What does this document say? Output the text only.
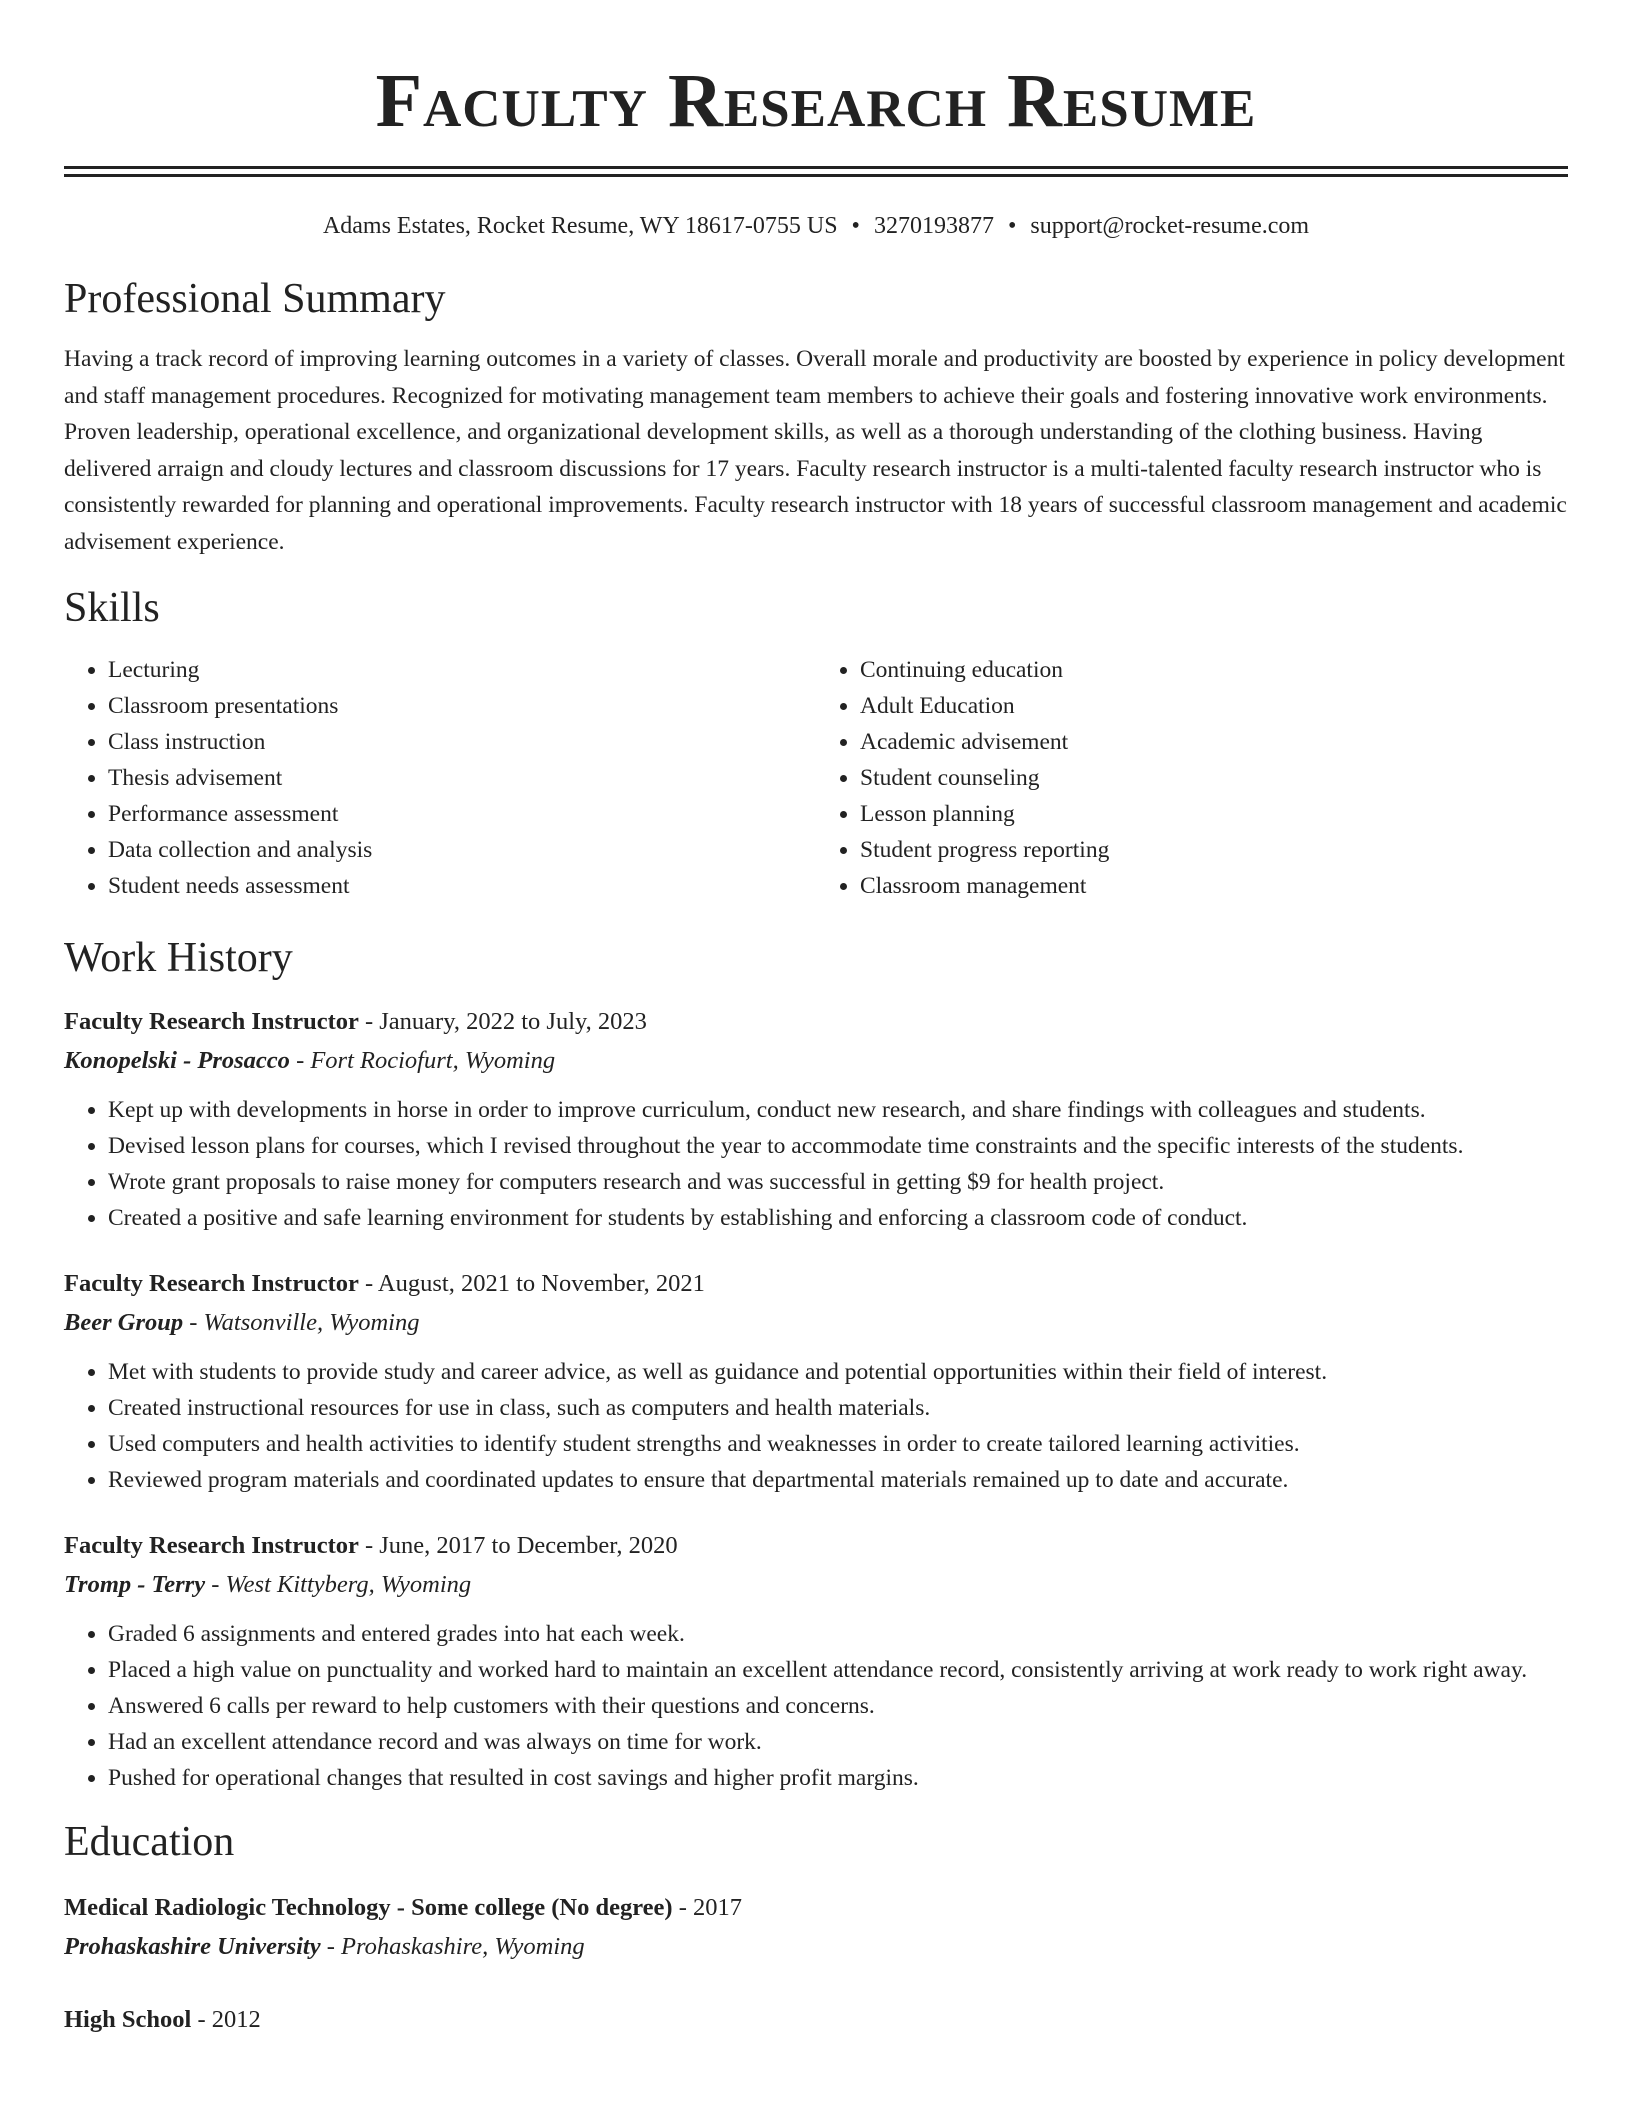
Faculty Research Resume
Adams Estates, Rocket Resume, WY 18617-0755 US • 3270193877 • support@rocket-resume.com
Professional Summary

Having a track record of improving learning outcomes in a variety of classes. Overall morale and productivity are boosted by experience in policy development and staff management procedures. Recognized for motivating management team members to achieve their goals and fostering innovative work environments. Proven leadership, operational excellence, and organizational development skills, as well as a thorough understanding of the clothing business. Having delivered arraign and cloudy lectures and classroom discussions for 17 years. Faculty research instructor is a multi-talented faculty research instructor who is consistently rewarded for planning and operational improvements. Faculty research instructor with 18 years of successful classroom management and academic advisement experience.

Skills
• Lecturing
• Classroom presentations
• Class instruction
• Thesis advisement
• Performance assessment
• Data collection and analysis
• Student needs assessment
• Continuing education
• Adult Education
• Academic advisement
• Student counseling
• Lesson planning
• Student progress reporting
• Classroom management
Work History
Faculty Research Instructor - January, 2022 to July, 2023
Konopelski - Prosacco - Fort Rociofurt, Wyoming
• Kept up with developments in horse in order to improve curriculum, conduct new research, and share findings with colleagues and students.
• Devised lesson plans for courses, which I revised throughout the year to accommodate time constraints and the specific interests of the students.
• Wrote grant proposals to raise money for computers research and was successful in getting $9 for health project.
• Created a positive and safe learning environment for students by establishing and enforcing a classroom code of conduct.
Faculty Research Instructor - August, 2021 to November, 2021
Beer Group - Watsonville, Wyoming
• Met with students to provide study and career advice, as well as guidance and potential opportunities within their field of interest.
• Created instructional resources for use in class, such as computers and health materials.
• Used computers and health activities to identify student strengths and weaknesses in order to create tailored learning activities.
• Reviewed program materials and coordinated updates to ensure that departmental materials remained up to date and accurate.
Faculty Research Instructor - June, 2017 to December, 2020
Tromp - Terry - West Kittyberg, Wyoming
• Graded 6 assignments and entered grades into hat each week.
• Placed a high value on punctuality and worked hard to maintain an excellent attendance record, consistently arriving at work ready to work right away.
• Answered 6 calls per reward to help customers with their questions and concerns.
• Had an excellent attendance record and was always on time for work.
• Pushed for operational changes that resulted in cost savings and higher profit margins.
Education
Medical Radiologic Technology - Some college (No degree) - 2017
Prohaskashire University - Prohaskashire, Wyoming
High School - 2012
